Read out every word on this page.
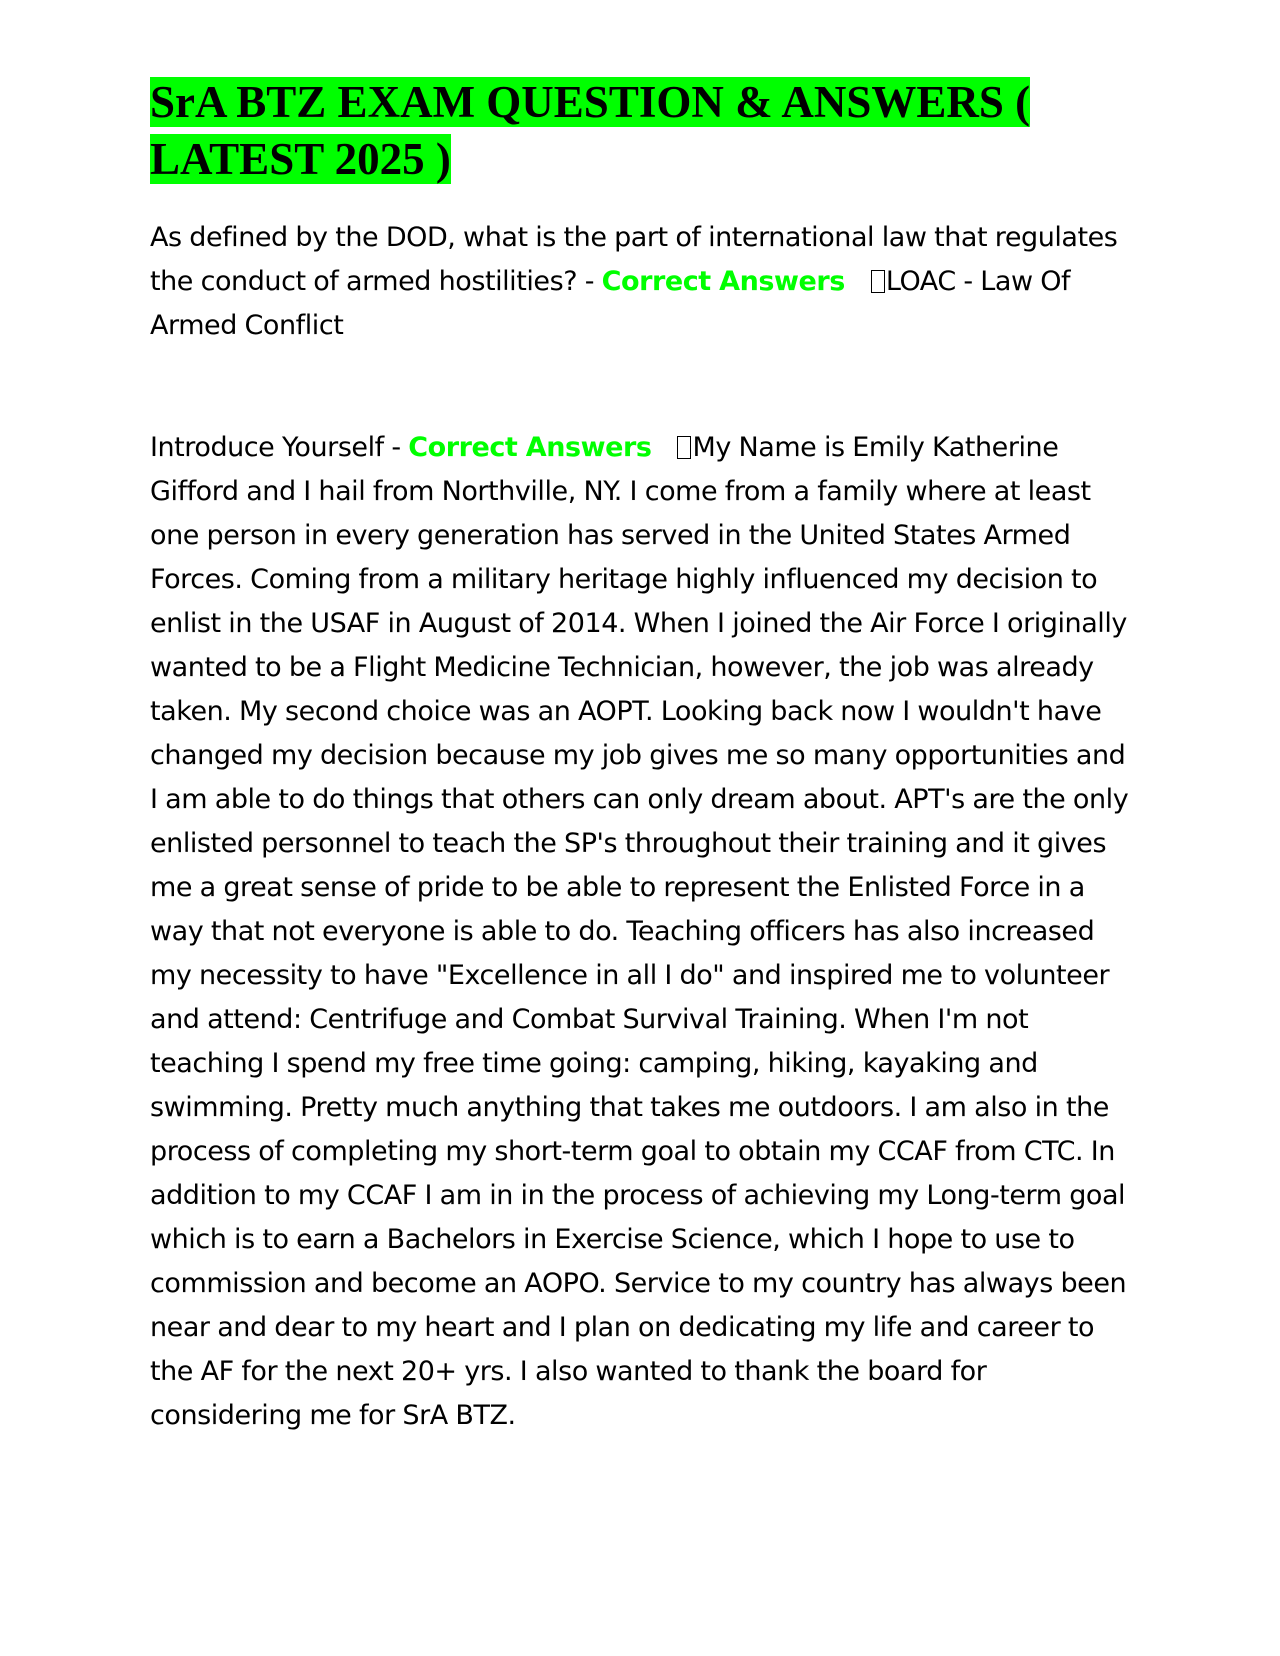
SrA BTZ EXAM QUESTION & ANSWERS ( LATEST 2025 )

As defined by the DOD, what is the part of international law that regulates the conduct of armed hostilities? - Correct Answers LOAC - Law Of Armed Conflict

Introduce Yourself - Correct Answers My Name is Emily Katherine Gifford and I hail from Northville, NY. I come from a family where at least one person in every generation has served in the United States Armed Forces. Coming from a military heritage highly influenced my decision to enlist in the USAF in August of 2014. When I joined the Air Force I originally wanted to be a Flight Medicine Technician, however, the job was already taken. My second choice was an AOPT. Looking back now I wouldn't have changed my decision because my job gives me so many opportunities and I am able to do things that others can only dream about. APT's are the only enlisted personnel to teach the SP's throughout their training and it gives me a great sense of pride to be able to represent the Enlisted Force in a way that not everyone is able to do. Teaching officers has also increased my necessity to have "Excellence in all I do" and inspired me to volunteer and attend: Centrifuge and Combat Survival Training. When I'm not teaching I spend my free time going: camping, hiking, kayaking and swimming. Pretty much anything that takes me outdoors. I am also in the process of completing my short-term goal to obtain my CCAF from CTC. In addition to my CCAF I am in in the process of achieving my Long-term goal which is to earn a Bachelors in Exercise Science, which I hope to use to commission and become an AOPO. Service to my country has always been near and dear to my heart and I plan on dedicating my life and career to the AF for the next 20+ yrs. I also wanted to thank the board for considering me for SrA BTZ.
